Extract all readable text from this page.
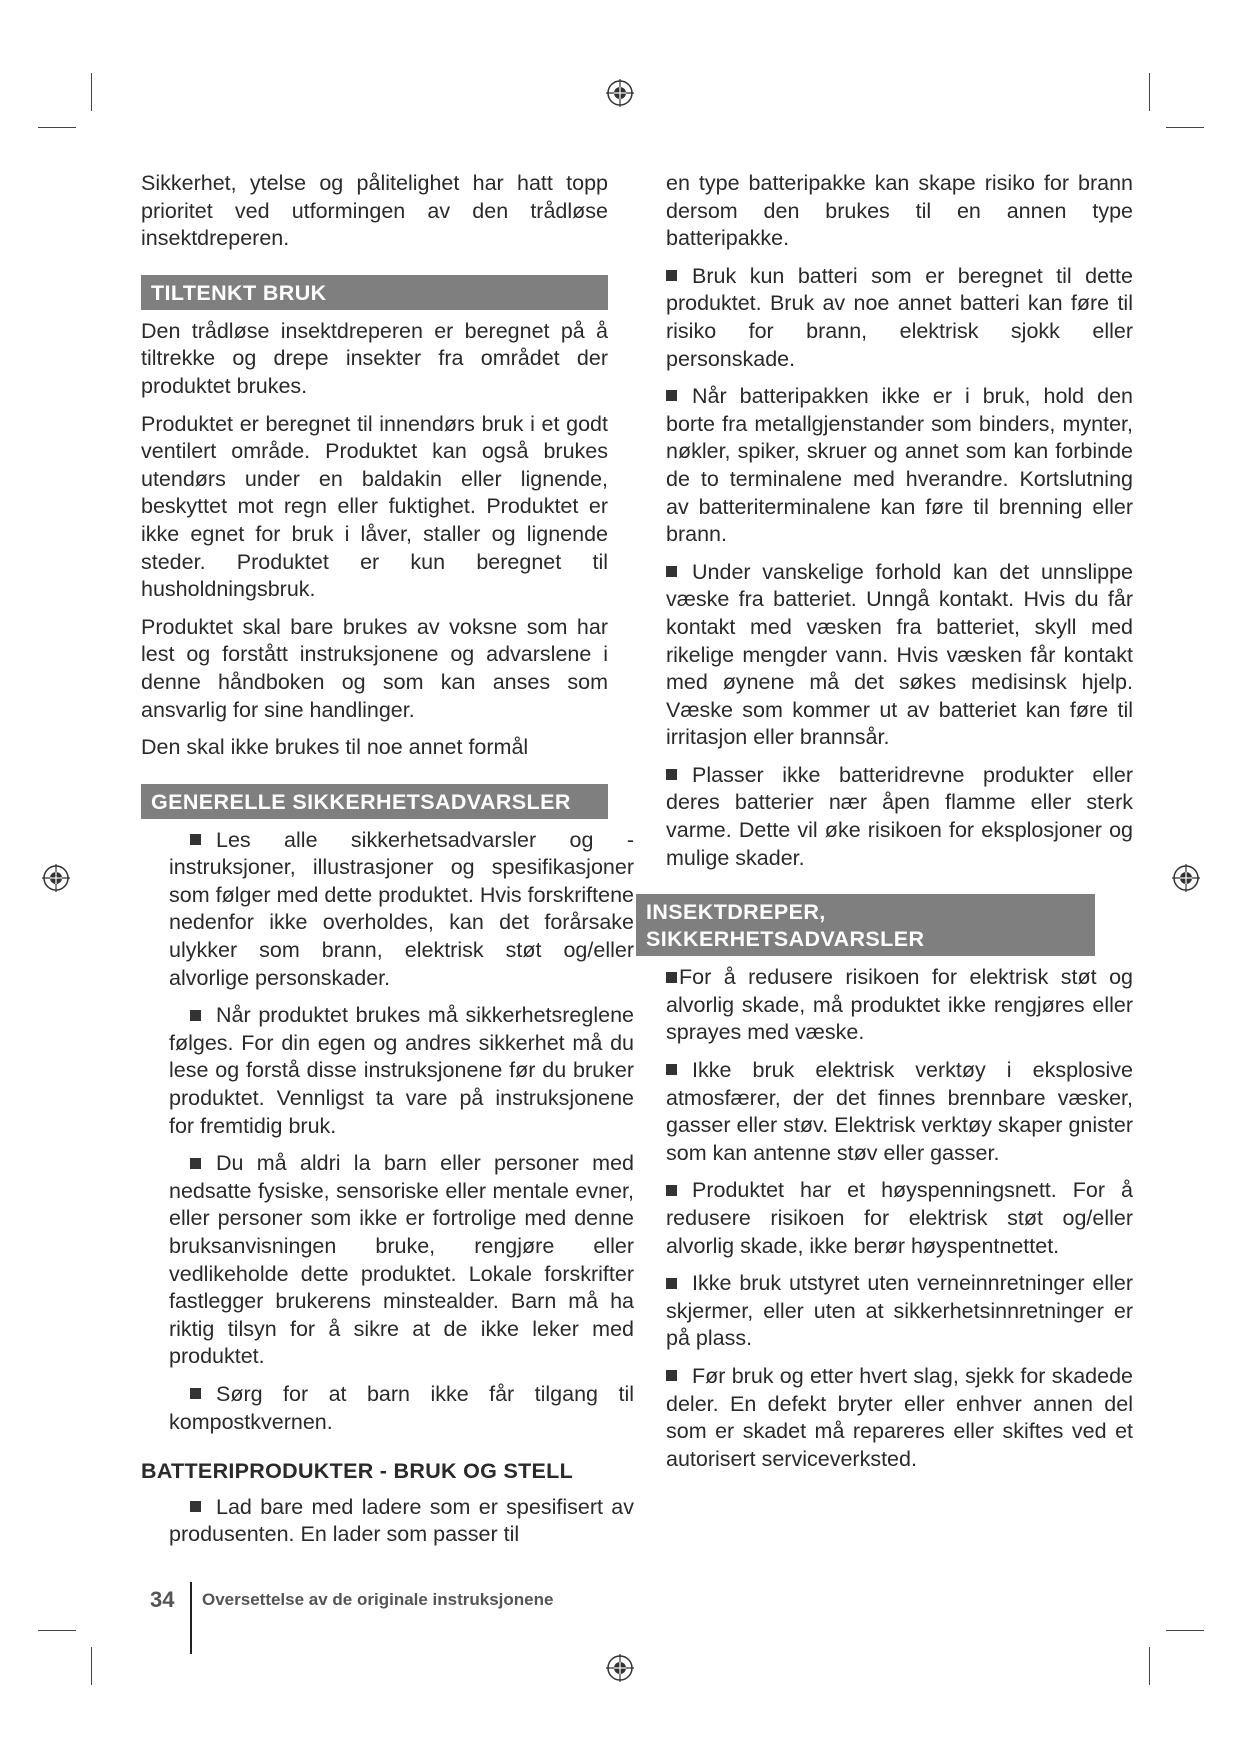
Sikkerhet, ytelse og pålitelighet har hatt topp prioritet ved utformingen av den trådløse insektdreperen.

TILTENKT BRUK

Den trådløse insektdreperen er beregnet på å tiltrekke og drepe insekter fra området der produktet brukes.

Produktet er beregnet til innendørs bruk i et godt ventilert område. Produktet kan også brukes utendørs under en baldakin eller lignende, beskyttet mot regn eller fuktighet. Produktet er ikke egnet for bruk i låver, staller og lignende steder. Produktet er kun beregnet til husholdningsbruk.

Produktet skal bare brukes av voksne som har lest og forstått instruksjonene og advarslene i denne håndboken og som kan anses som ansvarlig for sine handlinger.

Den skal ikke brukes til noe annet formål

GENERELLE SIKKERHETSADVARSLER
Les alle sikkerhetsadvarsler og -instruksjoner, illustrasjoner og spesifikasjoner som følger med dette produktet. Hvis forskriftene nedenfor ikke overholdes, kan det forårsake ulykker som brann, elektrisk støt og/eller alvorlige personskader.
Når produktet brukes må sikkerhetsreglene følges. For din egen og andres sikkerhet må du lese og forstå disse instruksjonene før du bruker produktet. Vennligst ta vare på instruksjonene for fremtidig bruk.
Du må aldri la barn eller personer med nedsatte fysiske, sensoriske eller mentale evner, eller personer som ikke er fortrolige med denne bruksanvisningen bruke, rengjøre eller vedlikeholde dette produktet. Lokale forskrifter fastlegger brukerens minstealder. Barn må ha riktig tilsyn for å sikre at de ikke leker med produktet.
Sørg for at barn ikke får tilgang til kompostkvernen.
BATTERIPRODUKTER - BRUK OG STELL
Lad bare med ladere som er spesifisert av produsenten. En lader som passer til

en type batteripakke kan skape risiko for brann dersom den brukes til en annen type batteripakke.

Bruk kun batteri som er beregnet til dette produktet. Bruk av noe annet batteri kan føre til risiko for brann, elektrisk sjokk eller personskade.
Når batteripakken ikke er i bruk, hold den borte fra metallgjenstander som binders, mynter, nøkler, spiker, skruer og annet som kan forbinde de to terminalene med hverandre. Kortslutning av batteriterminalene kan føre til brenning eller brann.
Under vanskelige forhold kan det unnslippe væske fra batteriet. Unngå kontakt. Hvis du får kontakt med væsken fra batteriet, skyll med rikelige mengder vann. Hvis væsken får kontakt med øynene må det søkes medisinsk hjelp. Væske som kommer ut av batteriet kan føre til irritasjon eller brannsår.
Plasser ikke batteridrevne produkter eller deres batterier nær åpen flamme eller sterk varme. Dette vil øke risikoen for eksplosjoner og mulige skader.
INSEKTDREPER,
SIKKERHETSADVARSLER
For å redusere risikoen for elektrisk støt og alvorlig skade, må produktet ikke rengjøres eller sprayes med væske.
Ikke bruk elektrisk verktøy i eksplosive atmosfærer, der det finnes brennbare væsker, gasser eller støv. Elektrisk verktøy skaper gnister som kan antenne støv eller gasser.
Produktet har et høyspenningsnett. For å redusere risikoen for elektrisk støt og/eller alvorlig skade, ikke berør høyspentnettet.
Ikke bruk utstyret uten verneinnretninger eller skjermer, eller uten at sikkerhetsinnretninger er på plass.
Før bruk og etter hvert slag, sjekk for skadede deler. En defekt bryter eller enhver annen del som er skadet må repareres eller skiftes ved et autorisert serviceverksted.
34 Oversettelse av de originale instruksjonene
